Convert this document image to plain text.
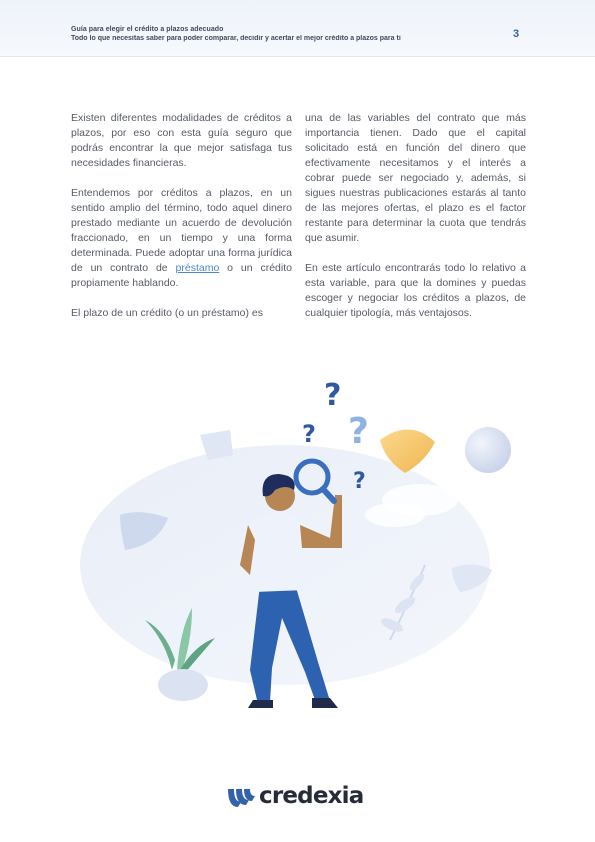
Guía para elegir el crédito a plazos adecuado
Todo lo que necesitas saber para poder comparar, decidir y acertar el mejor crédito a plazos para ti	3

Existen diferentes modalidades de créditos a plazos, por eso con esta guía seguro que podrás encontrar la que mejor satisfaga tus necesidades financieras.

Entendemos por créditos a plazos, en un sentido amplio del término, todo aquel dinero prestado mediante un acuerdo de devolución fraccionado, en un tiempo y una forma determinada. Puede adoptar una forma jurídica de un contrato de préstamo o un crédito propiamente hablando.

El plazo de un crédito (o un préstamo) es

una de las variables del contrato que más importancia tienen. Dado que el capital solicitado está en función del dinero que efectivamente necesitamos y el interés a cobrar puede ser negociado y, además, si sigues nuestras publicaciones estarás al tanto de las mejores ofertas, el plazo es el factor restante para determinar la cuota que tendrás que asumir.

En este artículo encontrarás todo lo relativo a esta variable, para que la domines y puedas escoger y negociar los créditos a plazos, de cualquier tipología, más ventajosos.

?
? ?
?
credexia
